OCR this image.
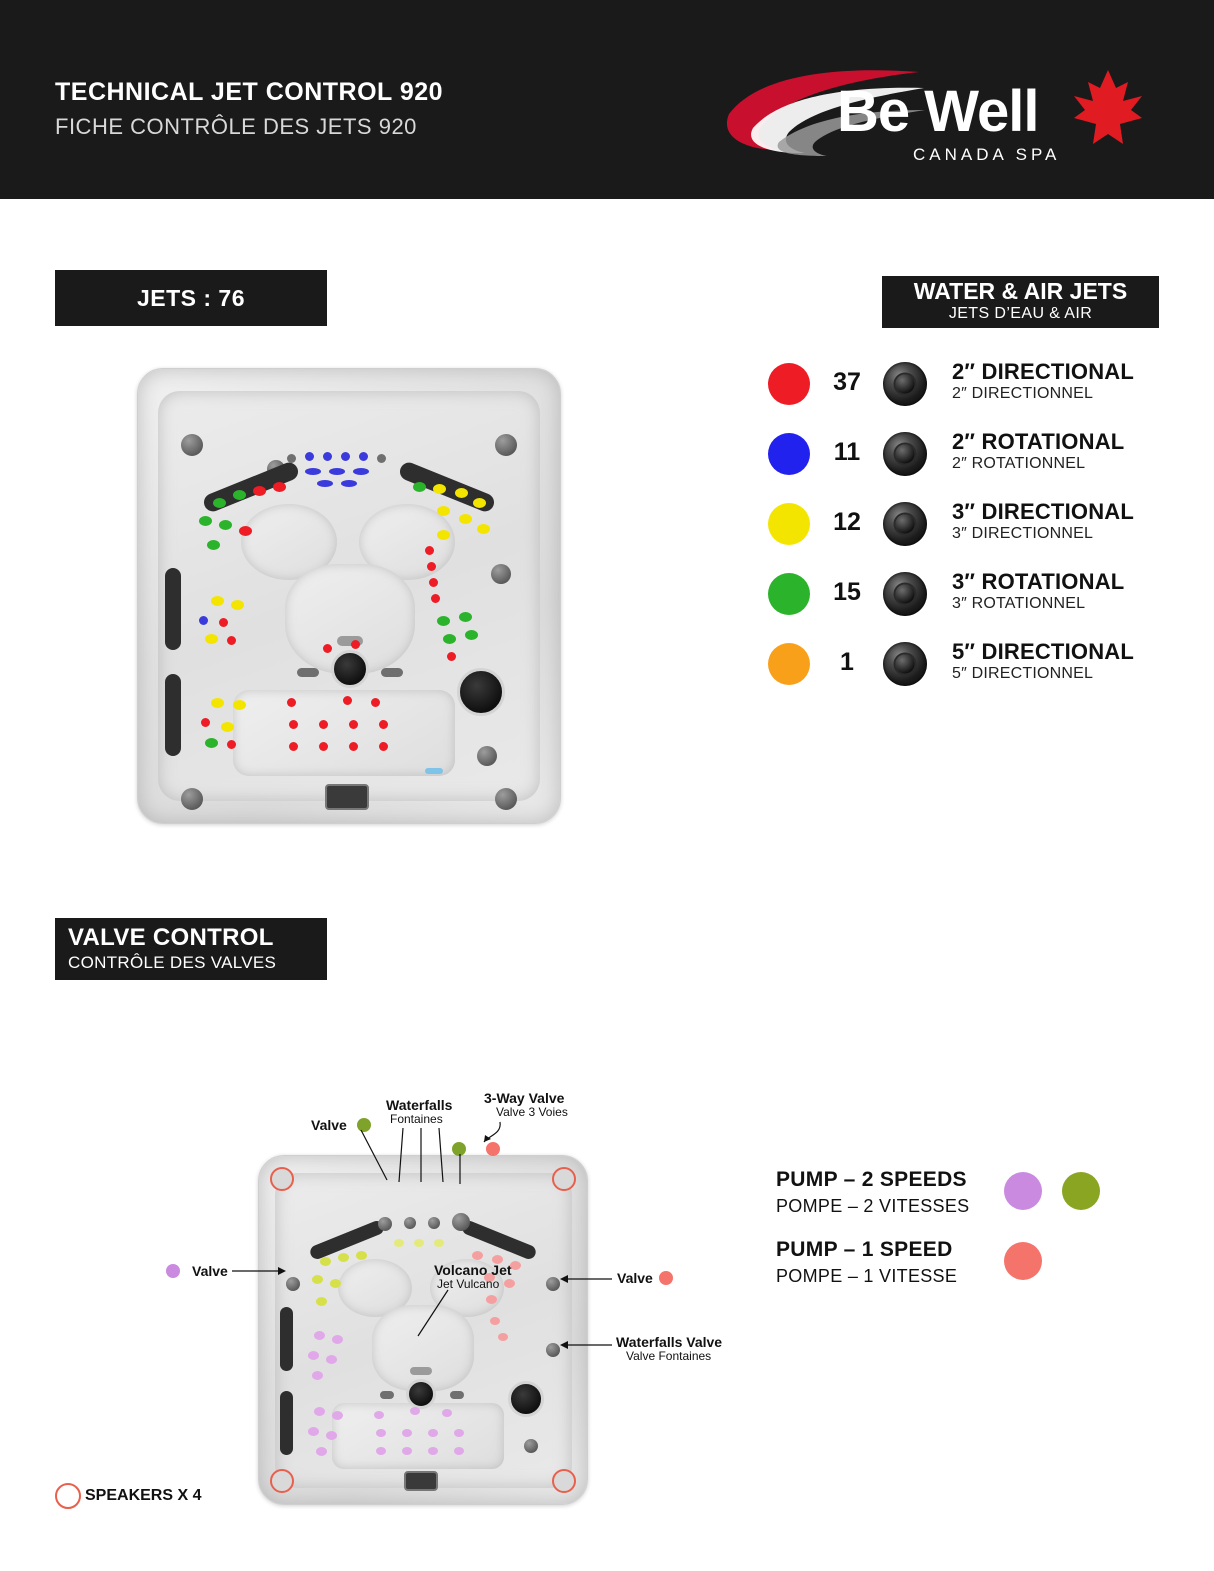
TECHNICAL JET CONTROL 920
FICHE CONTRÔLE DES JETS 920	Be Well
CANADA SPA
JETS : 76	WATER & AIR JETS
JETS D’EAU & AIR
37	2″ DIRECTIONAL
2″ DIRECTIONNEL
11	2″ ROTATIONAL
2″ ROTATIONNEL
12	3″ DIRECTIONAL
3″ DIRECTIONNEL
15	3″ ROTATIONAL
3″ ROTATIONNEL
1	5″ DIRECTIONAL
5″ DIRECTIONNEL
VALVE CONTROL
CONTRÔLE DES VALVES
Valve
Waterfalls
Fontaines
3-Way Valve
Valve 3 Voies
Valve	Valve
Volcano Jet
Jet Vulcano
Waterfalls Valve
Valve Fontaines
PUMP – 2 SPEEDS
POMPE – 2 VITESSES
PUMP – 1 SPEED
POMPE – 1 VITESSE
SPEAKERS X 4
